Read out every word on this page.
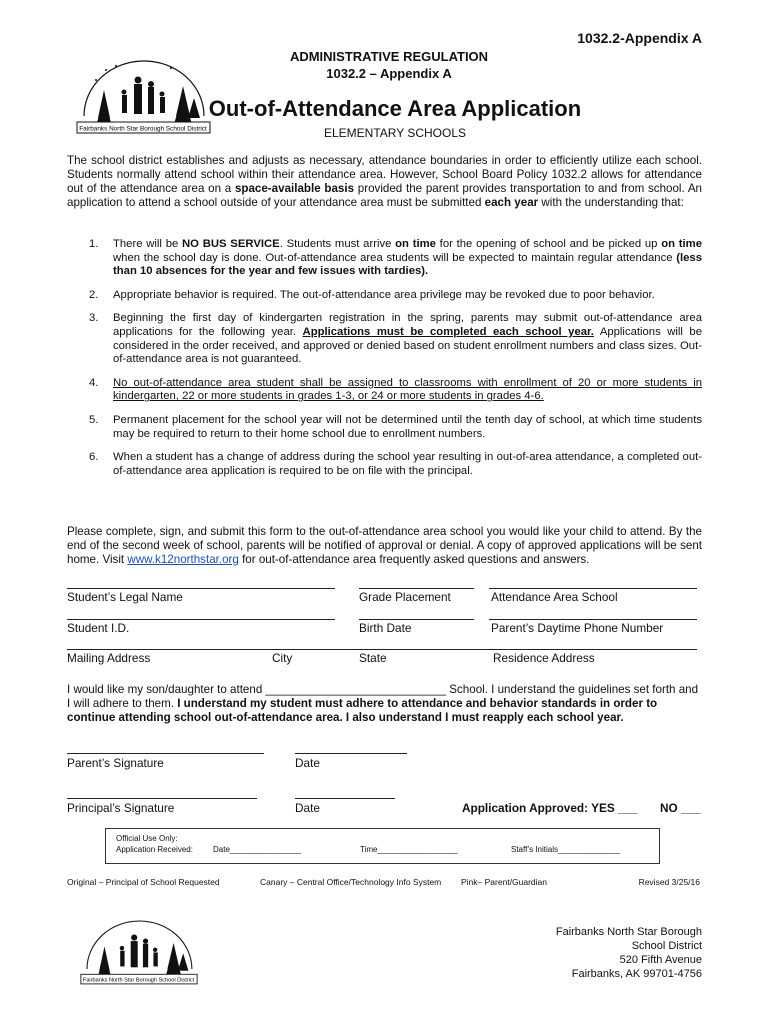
1032.2-Appendix A
ADMINISTRATIVE REGULATION
1032.2 – Appendix A
Fairbanks North Star Borough School District
Out-of-Attendance Area Application
ELEMENTARY SCHOOLS
The school district establishes and adjusts as necessary, attendance boundaries in order to efficiently utilize each school. Students normally attend school within their attendance area. However, School Board Policy 1032.2 allows for attendance out of the attendance area on a space-available basis provided the parent provides transportation to and from school. An application to attend a school outside of your attendance area must be submitted each year with the understanding that:
1. There will be NO BUS SERVICE. Students must arrive on time for the opening of school and be picked up on time when the school day is done. Out-of-attendance area students will be expected to maintain regular attendance (less than 10 absences for the year and few issues with tardies).
2. Appropriate behavior is required. The out-of-attendance area privilege may be revoked due to poor behavior.
3. Beginning the first day of kindergarten registration in the spring, parents may submit out-of-attendance area applications for the following year. Applications must be completed each school year. Applications will be considered in the order received, and approved or denied based on student enrollment numbers and class sizes. Out-of-attendance area is not guaranteed.
4. No out-of-attendance area student shall be assigned to classrooms with enrollment of 20 or more students in kindergarten, 22 or more students in grades 1-3, or 24 or more students in grades 4-6.
5. Permanent placement for the school year will not be determined until the tenth day of school, at which time students may be required to return to their home school due to enrollment numbers.
6. When a student has a change of address during the school year resulting in out-of-area attendance, a completed out-of-attendance area application is required to be on file with the principal.
Please complete, sign, and submit this form to the out-of-attendance area school you would like your child to attend. By the end of the second week of school, parents will be notified of approval or denial. A copy of approved applications will be sent home. Visit www.k12northstar.org for out-of-attendance area frequently asked questions and answers.
Student’s Legal Name	Grade Placement	Attendance Area School
Student I.D.	Birth Date	Parent’s Daytime Phone Number
Mailing Address	City	State	Residence Address
I would like my son/daughter to attend ____________________________ School. I understand the guidelines set forth and I will adhere to them. I understand my student must adhere to attendance and behavior standards in order to continue attending school out-of-attendance area. I also understand I must reapply each school year.
Parent’s Signature	Date
Principal’s Signature	Date	Application Approved: YES ___ NO ___
Official Use Only:
Application Received:	Date________________	Time__________________	Staff’s Initials______________
Original – Principal of School Requested	Canary – Central Office/Technology Info System Pink– Parent/Guardian	Revised 3/25/16
Fairbanks North Star Borough School District
Fairbanks North Star Borough
School District
520 Fifth Avenue
Fairbanks, AK 99701-4756
